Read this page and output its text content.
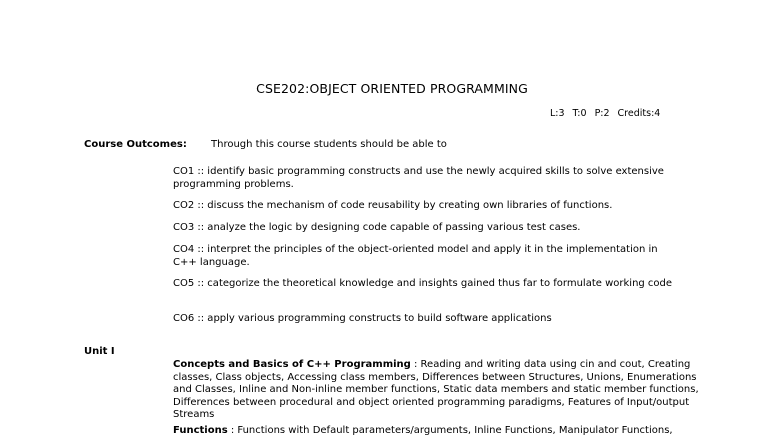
CSE202:OBJECT ORIENTED PROGRAMMING
L:3 T:0 P:2 Credits:4
Course Outcomes: Through this course students should be able to
CO1 :: identify basic programming constructs and use the newly acquired skills to solve extensive programming problems.
CO2 :: discuss the mechanism of code reusability by creating own libraries of functions.
CO3 :: analyze the logic by designing code capable of passing various test cases.
CO4 :: interpret the principles of the object-oriented model and apply it in the implementation in C++ language.
CO5 :: categorize the theoretical knowledge and insights gained thus far to formulate working code
CO6 :: apply various programming constructs to build software applications
Unit I

Concepts and Basics of C++ Programming : Reading and writing data using cin and cout, Creating classes, Class objects, Accessing class members, Differences between Structures, Unions, Enumerations and Classes, Inline and Non-inline member functions, Static data members and static member functions, Differences between procedural and object oriented programming paradigms, Features of Input/output Streams

Functions : Functions with Default parameters/arguments, Inline Functions, Manipulator Functions,
